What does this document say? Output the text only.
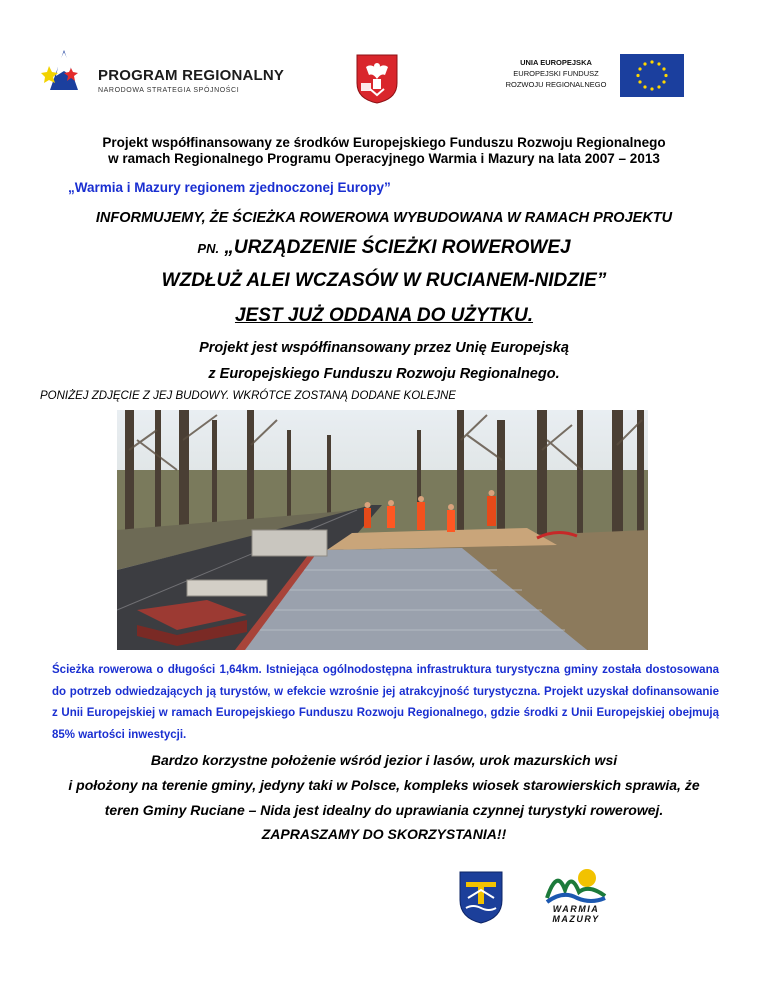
PROGRAM REGIONALNY
NARODOWA STRATEGIA SPÓJNOŚCI
UNIA EUROPEJSKA
EUROPEJSKI FUNDUSZ
ROZWOJU REGIONALNEGO
Projekt współfinansowany ze środków Europejskiego Funduszu Rozwoju Regionalnego
w ramach Regionalnego Programu Operacyjnego Warmia i Mazury na lata 2007 – 2013
„Warmia i Mazury regionem zjednoczonej Europy”
INFORMUJEMY, ŻE ŚCIEŻKA ROWEROWA WYBUDOWANA W RAMACH PROJEKTU
PN. „URZĄDZENIE ŚCIEŻKI ROWEROWEJ
WZDŁUŻ ALEI WCZASÓW W RUCIANEM-NIDZIE”
JEST JUŻ ODDANA DO UŻYTKU.
Projekt jest współfinansowany przez Unię Europejską
z Europejskiego Funduszu Rozwoju Regionalnego.
PONIŻEJ ZDJĘCIE Z JEJ BUDOWY. WKRÓTCE ZOSTANĄ DODANE KOLEJNE
Ścieżka rowerowa o długości 1,64km. Istniejąca ogólnodostępna infrastruktura turystyczna gminy została dostosowana do potrzeb odwiedzających ją turystów, w efekcie wzrośnie jej atrakcyjność turystyczna. Projekt uzyskał dofinansowanie z Unii Europejskiej w ramach Europejskiego Funduszu Rozwoju Regionalnego, gdzie środki z Unii Europejskiej obejmują 85% wartości inwestycji.
Bardzo korzystne położenie wśród jezior i lasów, urok mazurskich wsi
i położony na terenie gminy, jedyny taki w Polsce, kompleks wiosek starowierskich sprawia, że
teren Gminy Ruciane – Nida jest idealny do uprawiania czynnej turystyki rowerowej.
ZAPRASZAMY DO SKORZYSTANIA!!
WARMIA
MAZURY
